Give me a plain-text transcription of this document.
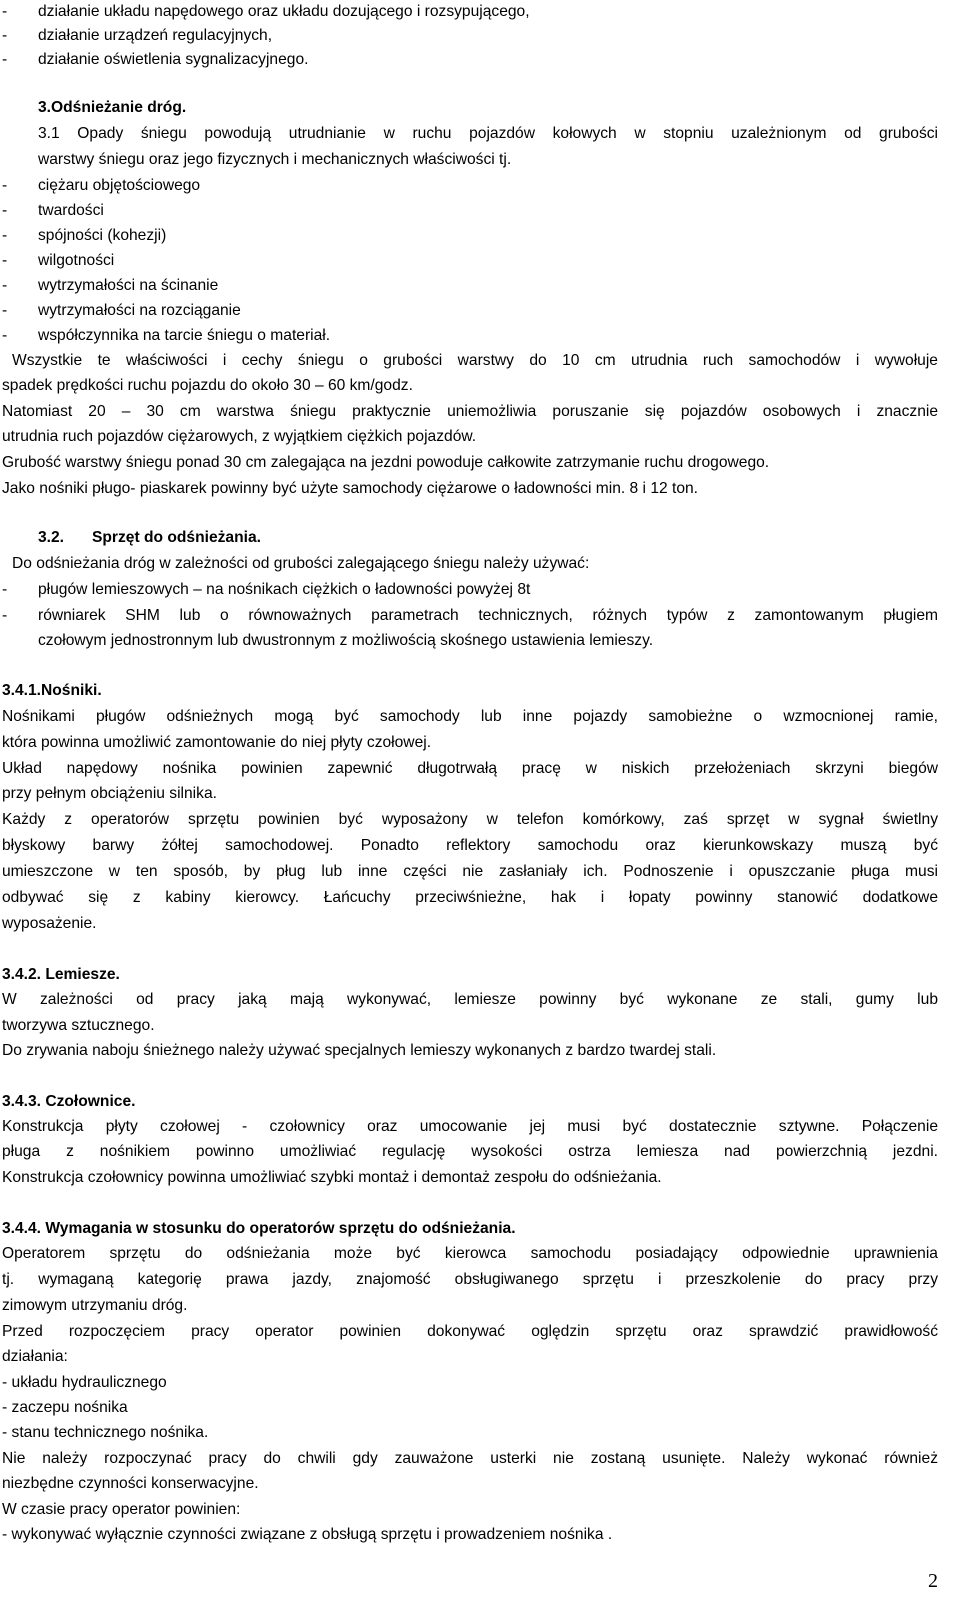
- działanie układu napędowego oraz układu dozującego i rozsypującego,
- działanie urządzeń regulacyjnych,
- działanie oświetlenia sygnalizacyjnego.
3.Odśnieżanie dróg.
3.1 Opady śniegu powodują utrudnianie w ruchu pojazdów kołowych w stopniu uzależnionym od grubości
warstwy śniegu oraz jego fizycznych i mechanicznych właściwości tj.
- ciężaru objętościowego
- twardości
- spójności (kohezji)
- wilgotności
- wytrzymałości na ścinanie
- wytrzymałości na rozciąganie
- współczynnika na tarcie śniegu o materiał.
Wszystkie te właściwości i cechy śniegu o grubości warstwy do 10 cm utrudnia ruch samochodów i wywołuje
spadek prędkości ruchu pojazdu do około 30 – 60 km/godz.
Natomiast 20 – 30 cm warstwa śniegu praktycznie uniemożliwia poruszanie się pojazdów osobowych i znacznie
utrudnia ruch pojazdów ciężarowych, z wyjątkiem ciężkich pojazdów.
Grubość warstwy śniegu ponad 30 cm zalegająca na jezdni powoduje całkowite zatrzymanie ruchu drogowego.
Jako nośniki pługo- piaskarek powinny być użyte samochody ciężarowe o ładowności min. 8 i 12 ton.
3.2. Sprzęt do odśnieżania.
Do odśnieżania dróg w zależności od grubości zalegającego śniegu należy używać:
- pługów lemieszowych – na nośnikach ciężkich o ładowności powyżej 8t
- równiarek SHM lub o równoważnych parametrach technicznych, różnych typów z zamontowanym pługiem
czołowym jednostronnym lub dwustronnym z możliwością skośnego ustawienia lemieszy.
3.4.1.Nośniki.
Nośnikami pługów odśnieżnych mogą być samochody lub inne pojazdy samobieżne o wzmocnionej ramie,
która powinna umożliwić zamontowanie do niej płyty czołowej.
Układ napędowy nośnika powinien zapewnić długotrwałą pracę w niskich przełożeniach skrzyni biegów
przy pełnym obciążeniu silnika.
Każdy z operatorów sprzętu powinien być wyposażony w telefon komórkowy, zaś sprzęt w sygnał świetlny
błyskowy barwy żółtej samochodowej. Ponadto reflektory samochodu oraz kierunkowskazy muszą być
umieszczone w ten sposób, by pług lub inne części nie zasłaniały ich. Podnoszenie i opuszczanie pługa musi
odbywać się z kabiny kierowcy. Łańcuchy przeciwśnieżne, hak i łopaty powinny stanowić dodatkowe
wyposażenie.
3.4.2. Lemiesze.
W zależności od pracy jaką mają wykonywać, lemiesze powinny być wykonane ze stali, gumy lub
tworzywa sztucznego.
Do zrywania naboju śnieżnego należy używać specjalnych lemieszy wykonanych z bardzo twardej stali.
3.4.3. Czołownice.
Konstrukcja płyty czołowej - czołownicy oraz umocowanie jej musi być dostatecznie sztywne. Połączenie
pługa z nośnikiem powinno umożliwiać regulację wysokości ostrza lemiesza nad powierzchnią jezdni.
Konstrukcja czołownicy powinna umożliwiać szybki montaż i demontaż zespołu do odśnieżania.
3.4.4. Wymagania w stosunku do operatorów sprzętu do odśnieżania.
Operatorem sprzętu do odśnieżania może być kierowca samochodu posiadający odpowiednie uprawnienia
tj. wymaganą kategorię prawa jazdy, znajomość obsługiwanego sprzętu i przeszkolenie do pracy przy
zimowym utrzymaniu dróg.
Przed rozpoczęciem pracy operator powinien dokonywać oględzin sprzętu oraz sprawdzić prawidłowość
działania:
- układu hydraulicznego
- zaczepu nośnika
- stanu technicznego nośnika.
Nie należy rozpoczynać pracy do chwili gdy zauważone usterki nie zostaną usunięte. Należy wykonać również
niezbędne czynności konserwacyjne.
W czasie pracy operator powinien:
- wykonywać wyłącznie czynności związane z obsługą sprzętu i prowadzeniem nośnika .
2
